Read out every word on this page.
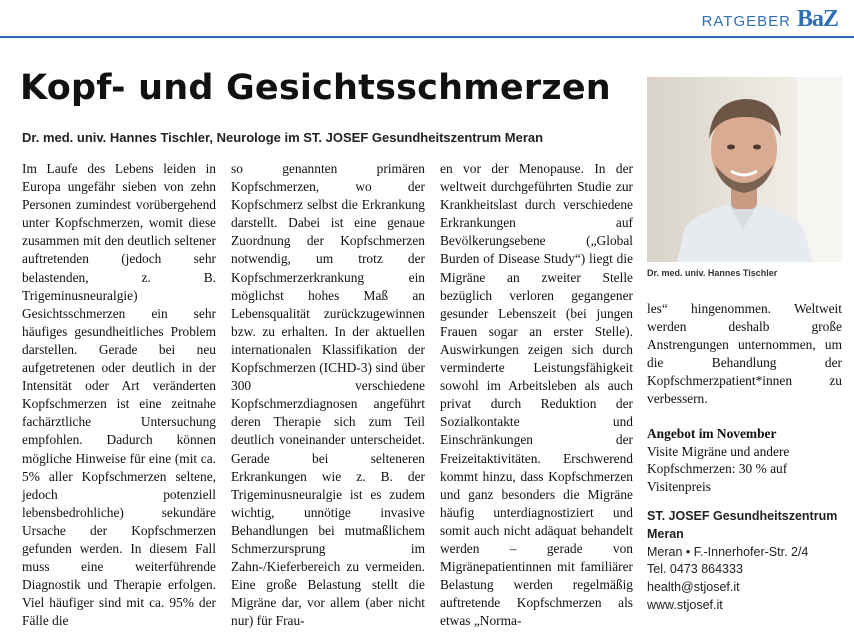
RATGEBER BaZ
Kopf- und Gesichtsschmerzen
Dr. med. univ. Hannes Tischler, Neurologe im ST. JOSEF Gesundheitszentrum Meran

Im Laufe des Lebens leiden in Europa ungefähr sieben von zehn Personen zumindest vorübergehend unter Kopfschmerzen, womit diese zusammen mit den deutlich seltener auftretenden (jedoch sehr belastenden, z. B. Trigeminusneuralgie) Gesichtsschmerzen ein sehr häufiges gesundheitliches Problem darstellen. Gerade bei neu aufgetretenen oder deutlich in der Intensität oder Art veränderten Kopfschmerzen ist eine zeitnahe fachärztliche Untersuchung empfohlen. Dadurch können mögliche Hinweise für eine (mit ca. 5% aller Kopfschmerzen seltene, jedoch potenziell lebensbedrohliche) sekundäre Ursache der Kopfschmerzen gefunden werden. In diesem Fall muss eine weiterführende Diagnostik und Therapie erfolgen. Viel häufiger sind mit ca. 95% der Fälle die

so genannten primären Kopfschmerzen, wo der Kopfschmerz selbst die Erkrankung darstellt. Dabei ist eine genaue Zuordnung der Kopfschmerzen notwendig, um trotz der Kopfschmerzerkrankung ein möglichst hohes Maß an Lebensqualität zurückzugewinnen bzw. zu erhalten. In der aktuellen internationalen Klassifikation der Kopfschmerzen (ICHD-3) sind über 300 verschiedene Kopfschmerzdiagnosen angeführt deren Therapie sich zum Teil deutlich voneinander unterscheidet. Gerade bei selteneren Erkrankungen wie z. B. der Trigeminusneuralgie ist es zudem wichtig, unnötige invasive Behandlungen bei mutmaßlichem Schmerzursprung im Zahn-/Kieferbereich zu vermeiden. Eine große Belastung stellt die Migräne dar, vor allem (aber nicht nur) für Frau-

en vor der Menopause. In der weltweit durchgeführten Studie zur Krankheitslast durch verschiedene Erkrankungen auf Bevölkerungsebene („Global Burden of Disease Study“) liegt die Migräne an zweiter Stelle bezüglich verloren gegangener gesunder Lebenszeit (bei jungen Frauen sogar an erster Stelle). Auswirkungen zeigen sich durch verminderte Leistungsfähigkeit sowohl im Arbeitsleben als auch privat durch Reduktion der Sozialkontakte und Einschränkungen der Freizeitaktivitäten. Erschwerend kommt hinzu, dass Kopfschmerzen und ganz besonders die Migräne häufig unterdiagnostiziert und somit auch nicht adäquat behandelt werden – gerade von Migränepatientinnen mit familiärer Belastung werden regelmäßig auftretende Kopfschmerzen als etwas „Norma-

Dr. med. univ. Hannes Tischler

les“ hingenommen. Weltweit werden deshalb große Anstrengungen unternommen, um die Behandlung der Kopfschmerzpatient*innen zu verbessern.

Angebot im November
Visite Migräne und andere Kopfschmerzen: 30 % auf Visitenpreis
ST. JOSEF Gesundheitszentrum Meran
Meran • F.-Innerhofer-Str. 2/4
Tel. 0473 864333
health@stjosef.it
www.stjosef.it
